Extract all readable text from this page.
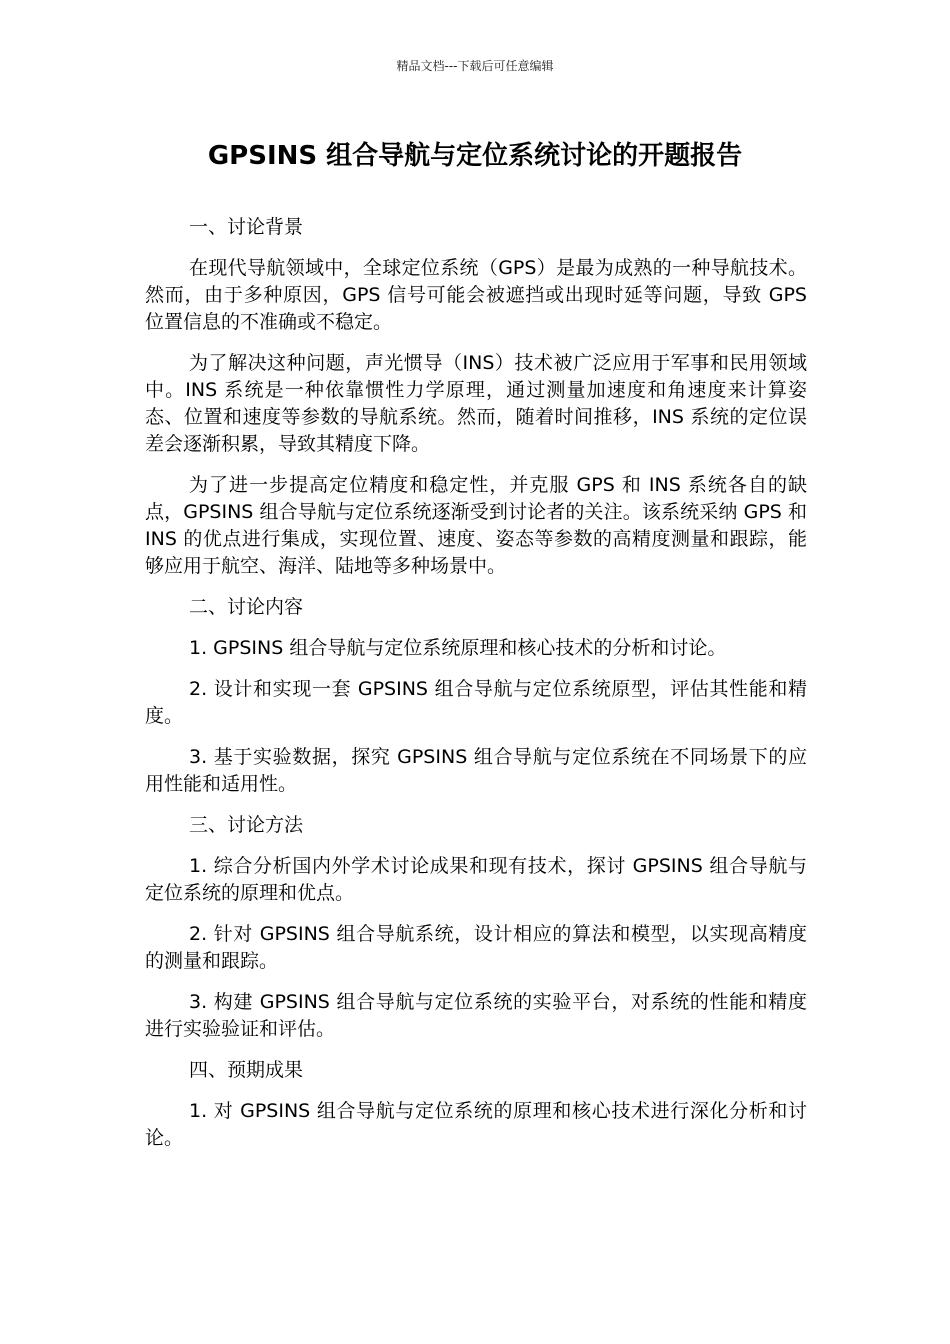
精品文档---下载后可任意编辑
GPSINS 组合导航与定位系统讨论的开题报告

一、讨论背景

在现代导航领域中，全球定位系统（GPS）是最为成熟的一种导航技术。然而，由于多种原因，GPS 信号可能会被遮挡或出现时延等问题，导致 GPS 位置信息的不准确或不稳定。

为了解决这种问题，声光惯导（INS）技术被广泛应用于军事和民用领域中。INS 系统是一种依靠惯性力学原理，通过测量加速度和角速度来计算姿态、位置和速度等参数的导航系统。然而，随着时间推移，INS 系统的定位误差会逐渐积累，导致其精度下降。

为了进一步提高定位精度和稳定性，并克服 GPS 和 INS 系统各自的缺点，GPSINS 组合导航与定位系统逐渐受到讨论者的关注。该系统采纳 GPS 和 INS 的优点进行集成，实现位置、速度、姿态等参数的高精度测量和跟踪，能够应用于航空、海洋、陆地等多种场景中。

二、讨论内容

1. GPSINS 组合导航与定位系统原理和核心技术的分析和讨论。

2. 设计和实现一套 GPSINS 组合导航与定位系统原型，评估其性能和精度。

3. 基于实验数据，探究 GPSINS 组合导航与定位系统在不同场景下的应用性能和适用性。

三、讨论方法

1. 综合分析国内外学术讨论成果和现有技术，探讨 GPSINS 组合导航与定位系统的原理和优点。

2. 针对 GPSINS 组合导航系统，设计相应的算法和模型，以实现高精度的测量和跟踪。

3. 构建 GPSINS 组合导航与定位系统的实验平台，对系统的性能和精度进行实验验证和评估。

四、预期成果

1. 对 GPSINS 组合导航与定位系统的原理和核心技术进行深化分析和讨论。
